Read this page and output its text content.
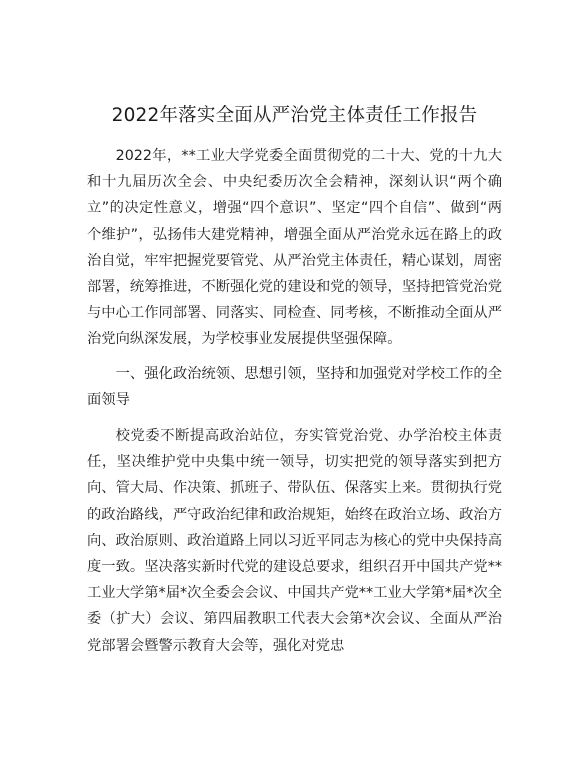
2022年落实全面从严治党主体责任工作报告

2022年，**工业大学党委全面贯彻党的二十大、党的十九大和十九届历次全会、中央纪委历次全会精神，深刻认识“两个确立”的决定性意义，增强“四个意识”、坚定“四个自信”、做到“两个维护”，弘扬伟大建党精神，增强全面从严治党永远在路上的政治自觉，牢牢把握党要管党、从严治党主体责任，精心谋划，周密部署，统筹推进，不断强化党的建设和党的领导，坚持把管党治党与中心工作同部署、同落实、同检查、同考核，不断推动全面从严治党向纵深发展，为学校事业发展提供坚强保障。

一、强化政治统领、思想引领，坚持和加强党对学校工作的全面领导

校党委不断提高政治站位，夯实管党治党、办学治校主体责任，坚决维护党中央集中统一领导，切实把党的领导落实到把方向、管大局、作决策、抓班子、带队伍、保落实上来。贯彻执行党的政治路线，严守政治纪律和政治规矩，始终在政治立场、政治方向、政治原则、政治道路上同以习近平同志为核心的党中央保持高度一致。坚决落实新时代党的建设总要求，组织召开中国共产党**工业大学第*届*次全委会会议、中国共产党**工业大学第*届*次全委（扩大）会议、第四届教职工代表大会第*次会议、全面从严治党部署会暨警示教育大会等，强化对党忠
